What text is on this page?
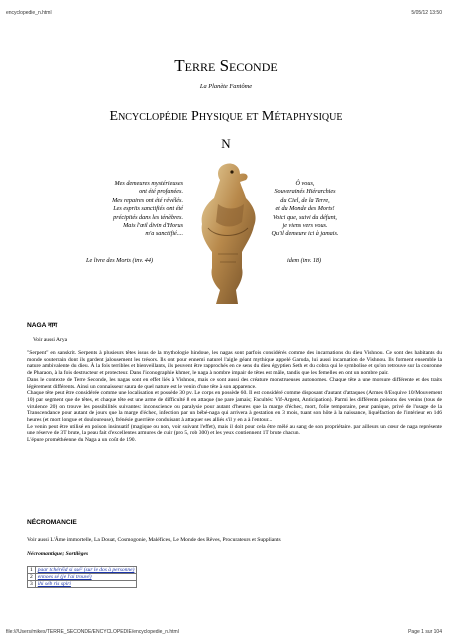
encyclopedie_n.html	5/05/12 13:50
Terre Seconde
La Planète Fantôme
Encyclopédie Physique et Métaphysique
N
Mes demeures mystérieuses
ont été profanées.
Mes repaires ont été révélés.
Les esprits sanctifiés ont été
précipités dans les ténèbres.
Mais l'œil divin d'Horus
m'a sanctifié....
Le livre des Morts (inv. 44)
Ô vous,
Souverainés Hiérarchies
du Ciel, de la Terre,
et du Monde des Morts!
Voici que, suivi du défunt,
je viens vers vous.
Qu'il demeure ici à jamais.
idem (inv. 18)
NAGA नाग
Voir aussi Arya
"Serpent" en sanskrit. Serpents à plusieurs têtes issus de la mythologie hindoue, les nagas sont parfois considérés comme des incarnations du dieu Vishnou. Ce sont des habitants du monde souterrain dont ils gardent jalousement les trésors. Ils ont pour ennemi naturel l'aigle géant mythique appelé Garuda, lui aussi incarnation de Vishnou. Ils forment ensemble la nature ambivalente du dieu. À la fois terribles et bienveillants, ils peuvent être rapprochés en ce sens du dieu égyptien Seth et du cobra qui le symbolise et qu'on retrouve sur la couronne de Pharaon, à la fois destructeur et protecteur. Dans l'iconographie khmer, le naga à nombre impair de têtes est mâle, tandis que les femelles en ont un nombre pair.
Dans le contexte de Terre Seconde, les nagas sont en effet liés à Vishnou, mais ce sont aussi des créature monstrueuses autonomes. Chaque tête a une morsure différente et des traits légèrement différents. Ainsi un connaisseur saura de quel nature est le venin d'une tête à son apparence.
Chaque tête peut être considérée comme une localisation et possède 30 pv. Le corps en possède 60. Il est considéré comme disposant d'autant d'attaques (Armes 0/Esquive 10/Mouvement 10) par segment que de têtes, et chaque tête est une arme de difficulté 8 en attaque (ne pare jamais; Facultés: Vif-Argent, Anticipation). Parmi les différents poisons des venins (tous de virulence 20) on trouve les possibilités suivantes: inconscience ou paralysie pour autant d'heures que la marge d'échec, mort, folie temporaire, peur panique, privé de l'usage de la Transcendance pour autant de jours que la marge d'échec, infection par un bébé-naga qui arrivera à gestation en 3 mois, tuant son hôte à la naissance, liquéfaction de l'intérieur en 1d6 heures (et mort longue et douloureuse), frénésie guerrière conduisant à attaquer ses alliés s'il y en a à l'entour...
Le venin peut être utilisé en poison insinuatif (magique ou non, voir suivant l'effet), mais il doit pour cela être mêlé au sang de son propriétaire. par ailleurs un cœur de naga représente une réserve de 3T brute, la peau fait d'excellentes armures de cuir (pro 5, rob 300) et les yeux contiennent 1T brute chacun.
L'épure prométhéenne du Naga a un coût de 190.
NÉCROMANCIE
Voir aussi L'Âme immortelle, La Douat, Cosmogonie, Maléfices, Le Monde des Rêves, Procurateurs et Suppliants
Nécromantique; Sortilèges
1	paar tchéréïd si ssé² (sur le dos à personne)
2	ennoes sé (je l'ai trouvé)
3	ihi séb ris spiri
file:///Users/mikes/TERRE_SECONDE/ENCYCLOPEDIE/encyclopedie_n.html	Page 1 sur 104
